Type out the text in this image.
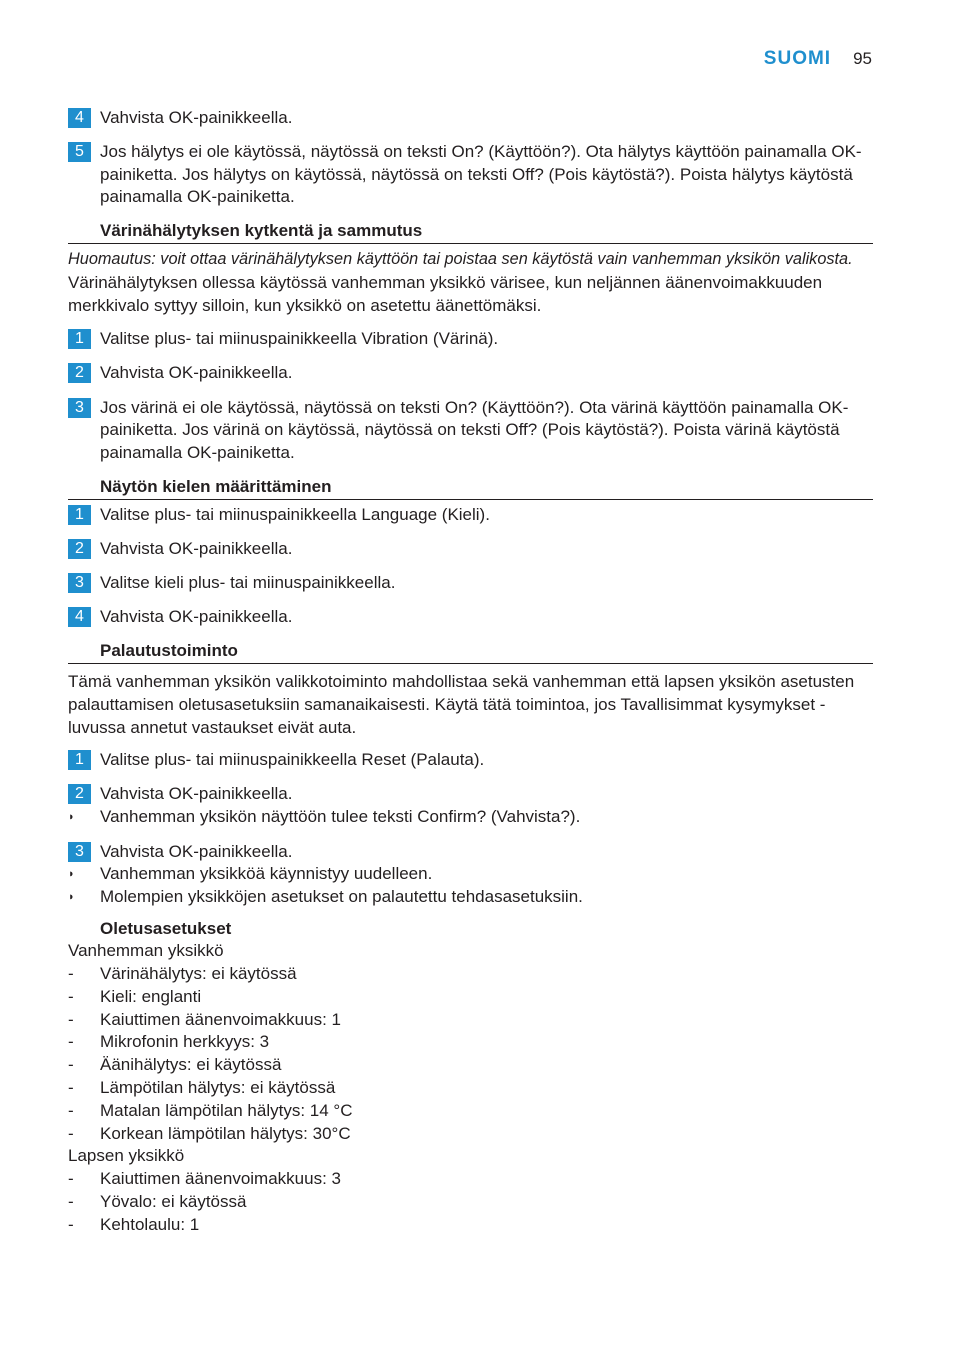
SUOMI 95
4 Vahvista OK-painikkeella.
5 Jos hälytys ei ole käytössä, näytössä on teksti On? (Käyttöön?). Ota hälytys käyttöön painamalla OK-painiketta. Jos hälytys on käytössä, näytössä on teksti Off? (Pois käytöstä?). Poista hälytys käytöstä painamalla OK-painiketta.
Värinähälytyksen kytkentä ja sammutus
Huomautus: voit ottaa värinähälytyksen käyttöön tai poistaa sen käytöstä vain vanhemman yksikön valikosta.
Värinähälytyksen ollessa käytössä vanhemman yksikkö värisee, kun neljännen äänenvoimakkuuden merkkivalo syttyy silloin, kun yksikkö on asetettu äänettömäksi.
1 Valitse plus- tai miinuspainikkeella Vibration (Värinä).
2 Vahvista OK-painikkeella.
3 Jos värinä ei ole käytössä, näytössä on teksti On? (Käyttöön?). Ota värinä käyttöön painamalla OK-painiketta. Jos värinä on käytössä, näytössä on teksti Off? (Pois käytöstä?). Poista värinä käytöstä painamalla OK-painiketta.
Näytön kielen määrittäminen
1 Valitse plus- tai miinuspainikkeella Language (Kieli).
2 Vahvista OK-painikkeella.
3 Valitse kieli plus- tai miinuspainikkeella.
4 Vahvista OK-painikkeella.
Palautustoiminto
Tämä vanhemman yksikön valikkotoiminto mahdollistaa sekä vanhemman että lapsen yksikön asetusten palauttamisen oletusasetuksiin samanaikaisesti. Käytä tätä toimintoa, jos Tavallisimmat kysymykset -luvussa annetut vastaukset eivät auta.
1 Valitse plus- tai miinuspainikkeella Reset (Palauta).
2 Vahvista OK-painikkeella.
◗ Vanhemman yksikön näyttöön tulee teksti Confirm? (Vahvista?).
3 Vahvista OK-painikkeella.
◗ Vanhemman yksikköä käynnistyy uudelleen.
◗ Molempien yksikköjen asetukset on palautettu tehdasasetuksiin.
Oletusasetukset
Vanhemman yksikkö
- Värinähälytys: ei käytössä
- Kieli: englanti
- Kaiuttimen äänenvoimakkuus: 1
- Mikrofonin herkkyys: 3
- Äänihälytys: ei käytössä
- Lämpötilan hälytys: ei käytössä
- Matalan lämpötilan hälytys: 14 °C
- Korkean lämpötilan hälytys: 30°C
Lapsen yksikkö
- Kaiuttimen äänenvoimakkuus: 3
- Yövalo: ei käytössä
- Kehtolaulu: 1
